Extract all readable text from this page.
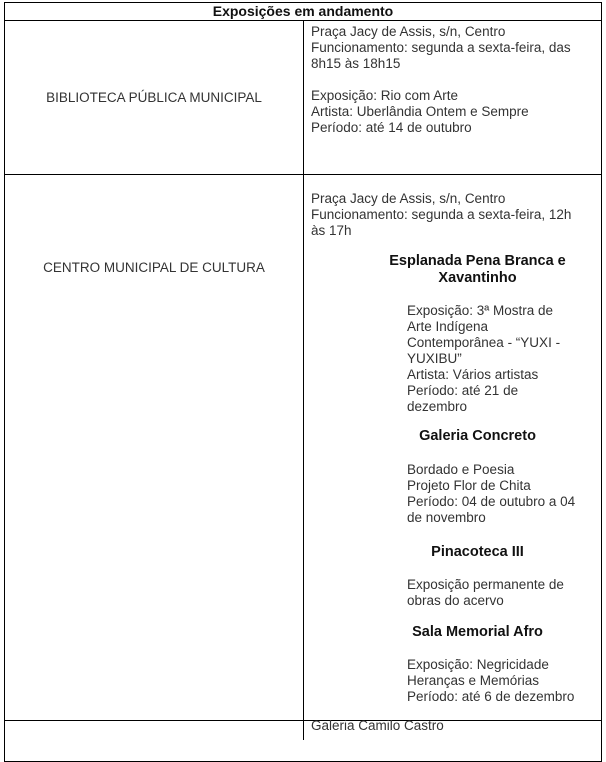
Exposições em andamento
BIBLIOTECA PÚBLICA MUNICIPAL
Praça Jacy de Assis, s/n, Centro
Funcionamento: segunda a sexta-feira, das
8h15 às 18h15
Exposição: Rio com Arte
Artista: Uberlândia Ontem e Sempre
Período: até 14 de outubro
CENTRO MUNICIPAL DE CULTURA
Praça Jacy de Assis, s/n, Centro
Funcionamento: segunda a sexta-feira, 12h
às 17h
Esplanada Pena Branca e
Xavantinho
Exposição: 3ª Mostra de
Arte Indígena
Contemporânea - “YUXI -
YUXIBU”
Artista: Vários artistas
Período: até 21 de
dezembro
Galeria Concreto
Bordado e Poesia
Projeto Flor de Chita
Período: 04 de outubro a 04
de novembro
Pinacoteca III
Exposição permanente de
obras do acervo
Sala Memorial Afro
Exposição: Negricidade
Heranças e Memórias
Período: até 6 de dezembro
Galeria Camilo Castro
